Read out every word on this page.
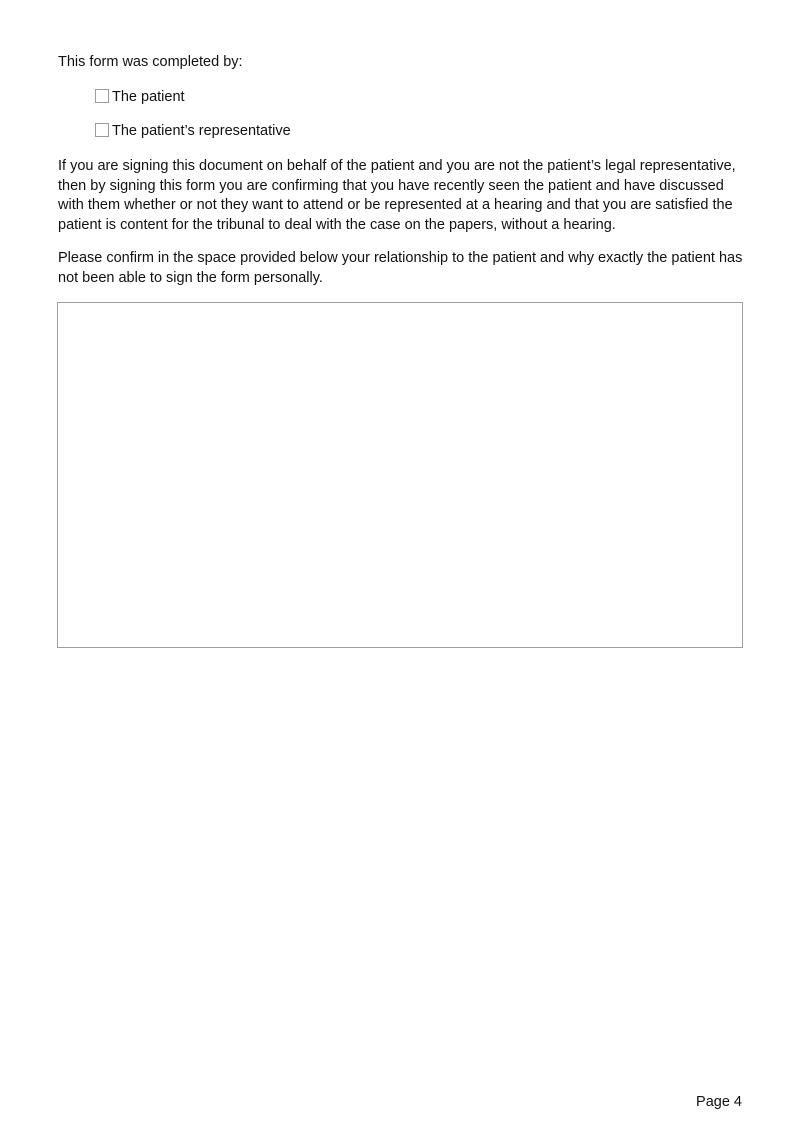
This form was completed by:

The patient
The patient’s representative

If you are signing this document on behalf of the patient and you are not the patient’s legal representative, then by signing this form you are confirming that you have recently seen the patient and have discussed with them whether or not they want to attend or be represented at a hearing and that you are satisfied the patient is content for the tribunal to deal with the case on the papers, without a hearing.

Please confirm in the space provided below your relationship to the patient and why exactly the patient has not been able to sign the form personally.

Page 4
